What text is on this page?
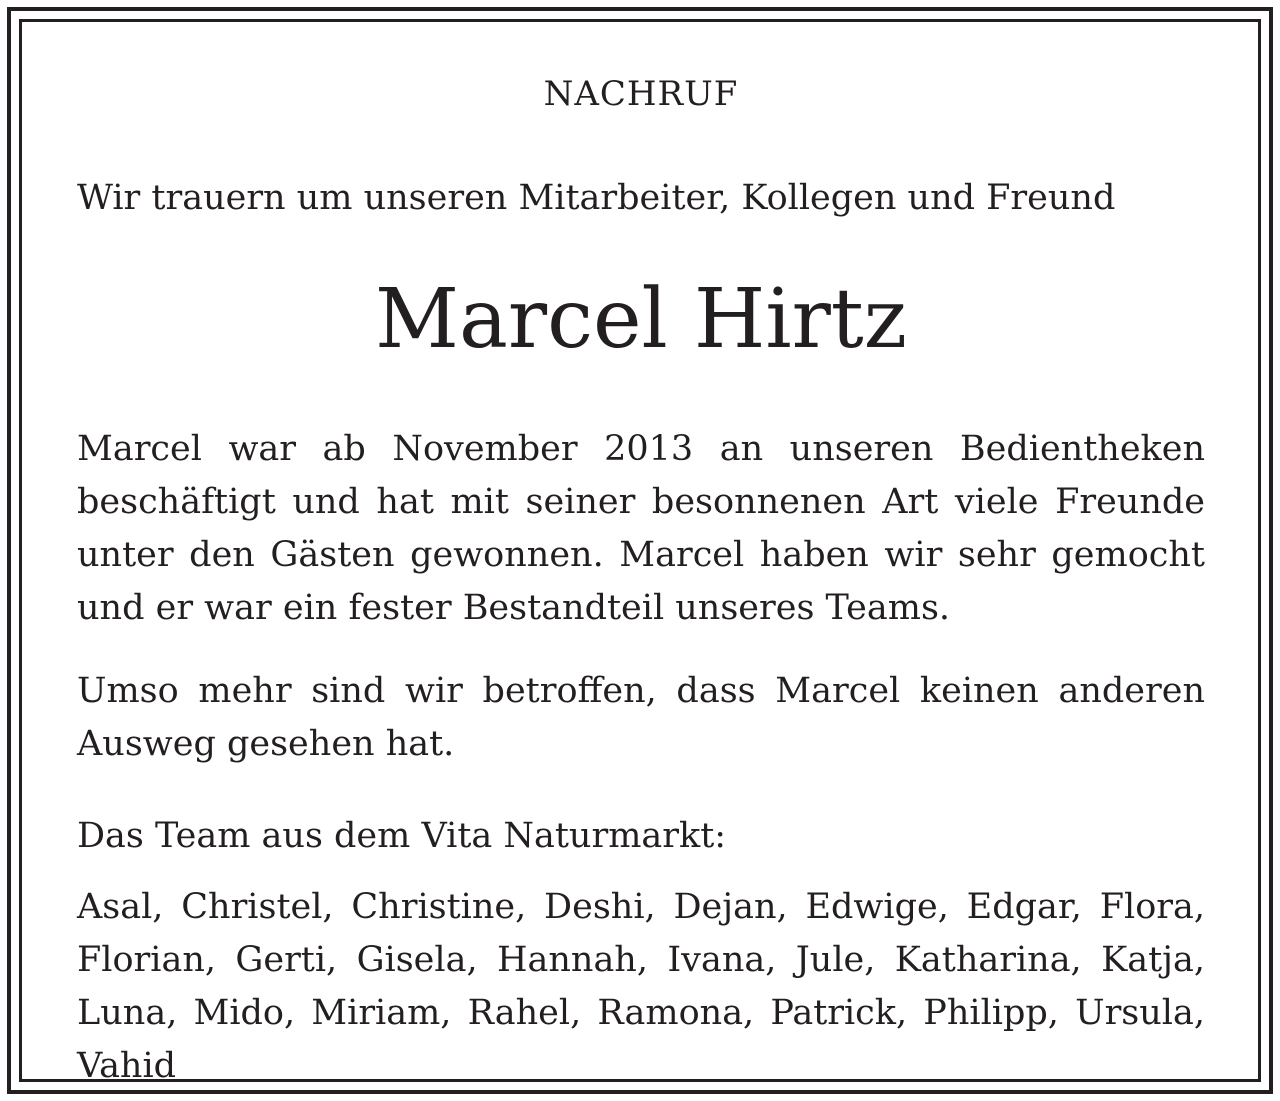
NACHRUF
Wir trauern um unseren Mitarbeiter, Kollegen und Freund
Marcel Hirtz
Marcel war ab November 2013 an unseren Bedientheken beschäftigt und hat mit seiner besonnenen Art viele Freunde unter den Gästen gewonnen. Marcel haben wir sehr gemocht und er war ein fester Bestandteil unseres Teams.
Umso mehr sind wir betroffen, dass Marcel keinen anderen Ausweg gesehen hat.
Das Team aus dem Vita Naturmarkt:
Asal, Christel, Christine, Deshi, Dejan, Edwige, Edgar, Flora, Florian, Gerti, Gisela, Hannah, Ivana, Jule, Katharina, Katja, Luna, Mido, Miriam, Rahel, Ramona, Patrick, Philipp, Ursula, Vahid
